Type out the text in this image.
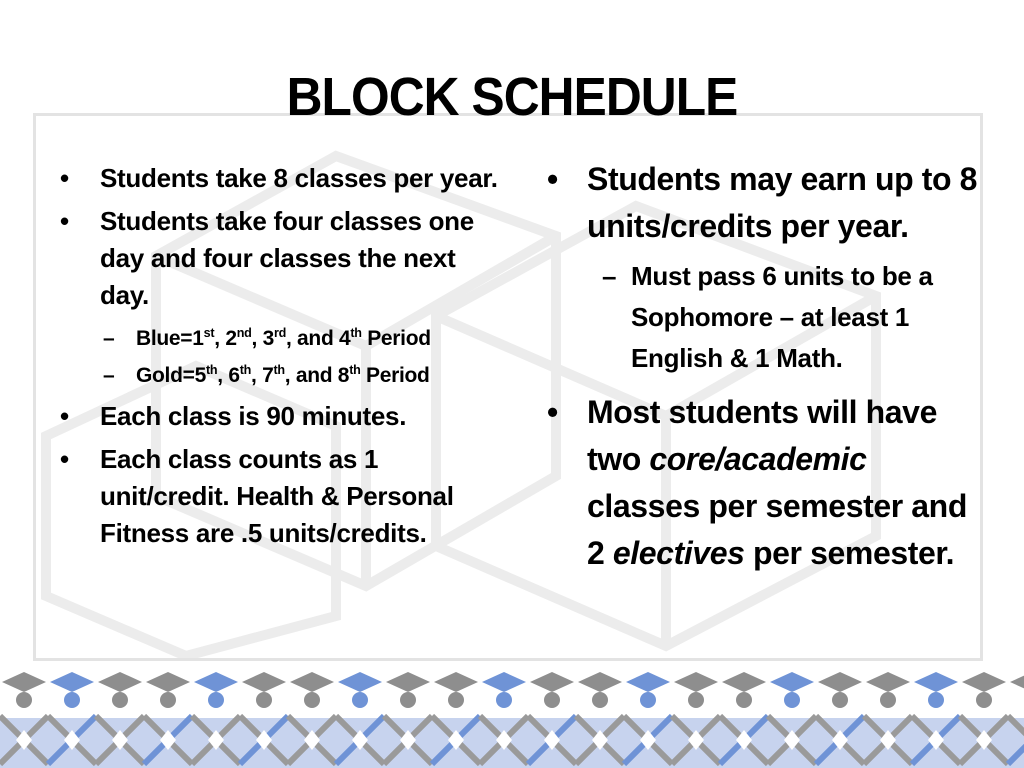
BLOCK SCHEDULE
• Students take 8 classes per year.
• Students take four classes one day and four classes the next day.
– Blue=1st, 2nd, 3rd, and 4th Period
– Gold=5th, 6th, 7th, and 8th Period
• Each class is 90 minutes.
• Each class counts as 1 unit/credit. Health & Personal Fitness are .5 units/credits.
• Students may earn up to 8 units/credits per year.
– Must pass 6 units to be a Sophomore – at least 1 English & 1 Math.
• Most students will have two core/academic classes per semester and 2 electives per semester.
